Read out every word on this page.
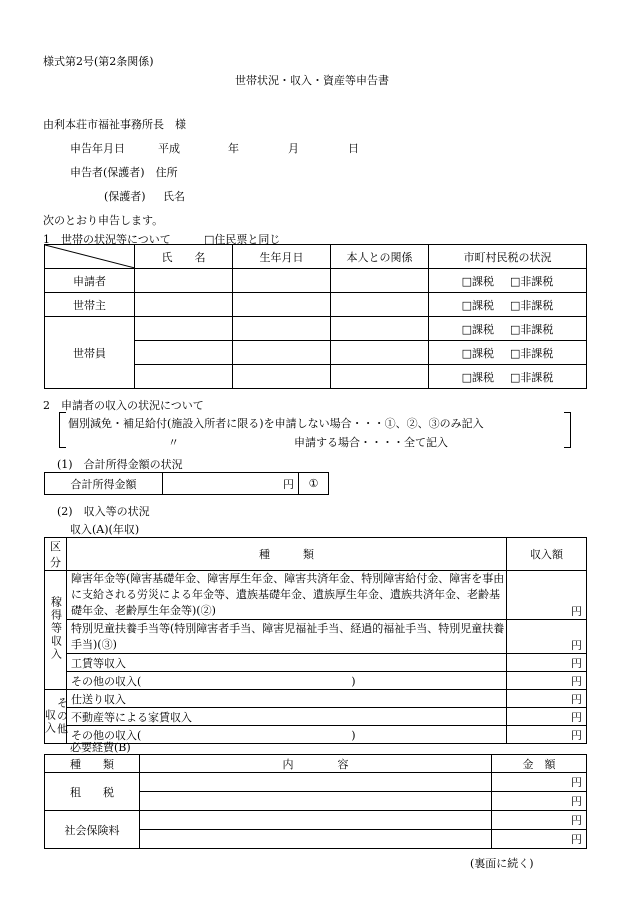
様式第2号(第2条関係)
世帯状況・収入・資産等申告書
由利本荘市福祉事務所長　様
申告年月日	平成	年	月	日
申告者(保護者)　住所
(保護者) 氏名
次のとおり申告します。
1　世帯の状況等について	□住民票と同じ
	氏　　名	生年月日	本人との関係	市町村民税の状況
申請者				□課税 □非課税
世帯主				□課税 □非課税
世帯員				□課税 □非課税
				□課税 □非課税
				□課税 □非課税
2　申請者の収入の状況について
個別減免・補足給付(施設入所者に限る)を申請しない場合・・・①、②、③のみ記入
〃	申請する場合・・・・全て記入
(1)　合計所得金額の状況
合計所得金額	円	①
(2)　収入等の状況
収入(A)(年収)
区分	種　　　類	収入額
稼得等収入	障害年金等(障害基礎年金、障害厚生年金、障害共済年金、特別障害給付金、障害を事由に支給される労災による年金等、遺族基礎年金、遺族厚生年金、遺族共済年金、老齢基礎年金、老齢厚生年金等)(②)	円
	特別児童扶養手当等(特別障害者手当、障害児福祉手当、経過的福祉手当、特別児童扶養手当)(③)	円
	工賃等収入	円
	その他の収入( )	円

収入 その他	仕送り収入	円
	不動産等による家賃収入	円
	その他の収入( )	円
必要経費(B)
種　　類	内　　　　容	金　額
租　　税		円
		円
社会保険料		円
		円
(裏面に続く)
